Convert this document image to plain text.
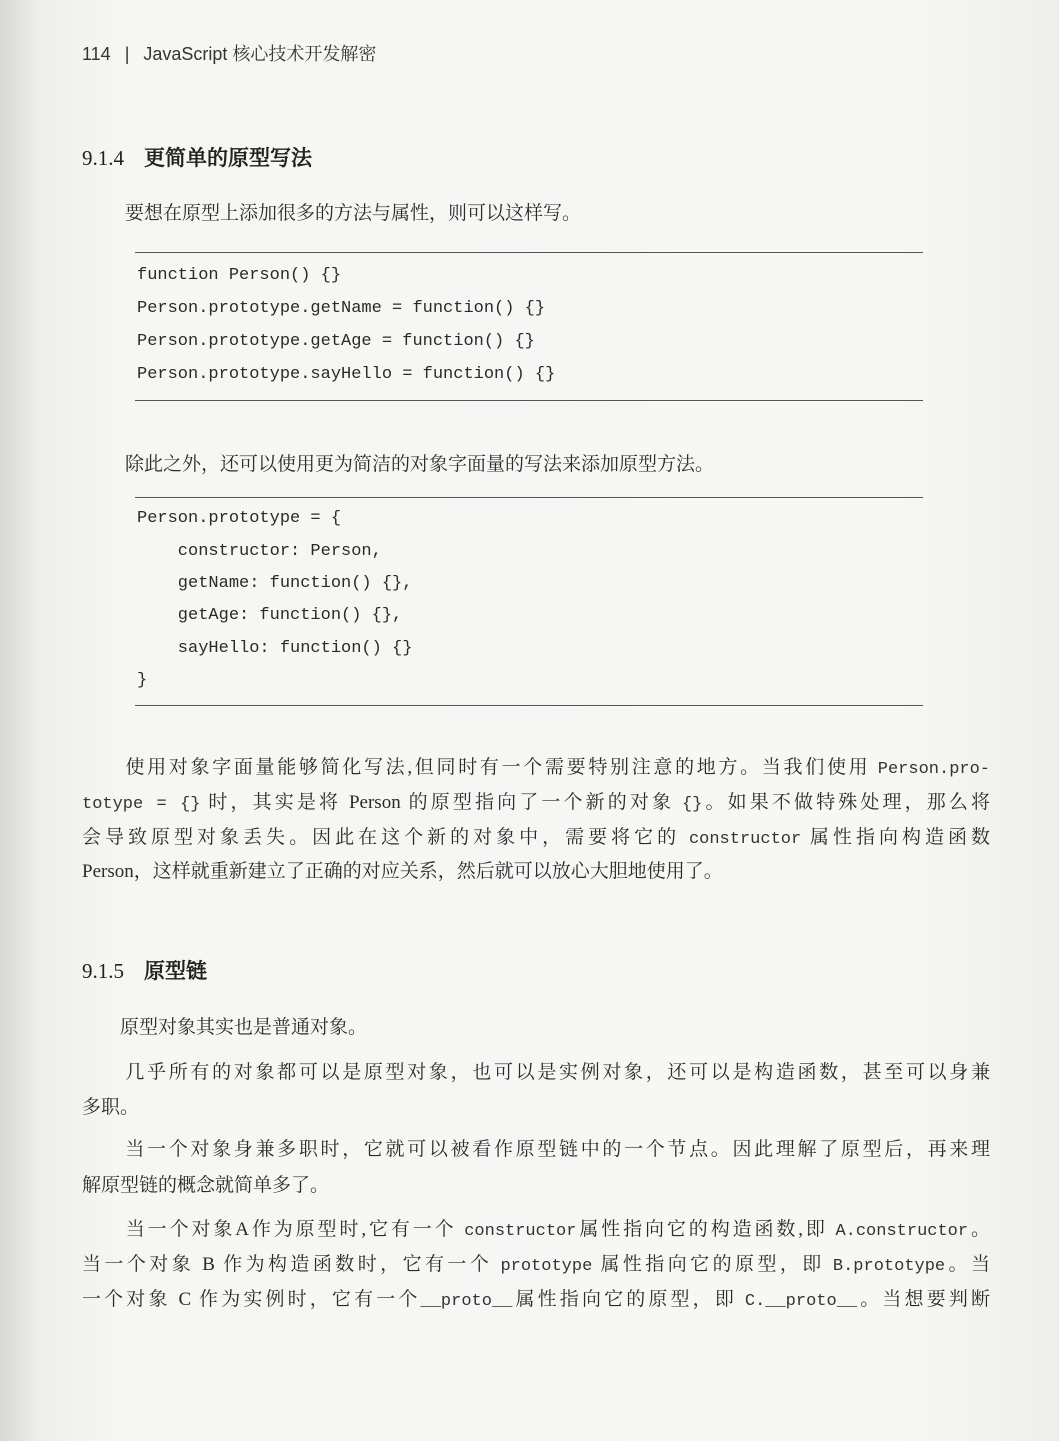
114 | JavaScript 核心技术开发解密
9.1.4 更简单的原型写法
要想在原型上添加很多的方法与属性，则可以这样写。
function Person() {}
Person.prototype.getName = function() {}
Person.prototype.getAge = function() {}
Person.prototype.sayHello = function() {}
除此之外，还可以使用更为简洁的对象字面量的写法来添加原型方法。
Person.prototype = {
constructor: Person,
getName: function() {},
getAge: function() {},
sayHello: function() {}
}
　　使用对象字面量能够简化写法,但同时有一个需要特别注意的地方。当我们使用 Person.pro-
totype = {} 时，其实是将 Person 的原型指向了一个新的对象 {}。如果不做特殊处理，那么将
会导致原型对象丢失。因此在这个新的对象中，需要将它的 constructor 属性指向构造函数
Person，这样就重新建立了正确的对应关系，然后就可以放心大胆地使用了。
9.1.5 原型链
　　原型对象其实也是普通对象。
　　几乎所有的对象都可以是原型对象，也可以是实例对象，还可以是构造函数，甚至可以身兼
多职。
　　当一个对象身兼多职时，它就可以被看作原型链中的一个节点。因此理解了原型后，再来理
解原型链的概念就简单多了。
　　当一个对象A作为原型时,它有一个 constructor属性指向它的构造函数,即 A.constructor。
当一个对象 B 作为构造函数时，它有一个 prototype 属性指向它的原型，即 B.prototype。当
一个对象 C 作为实例时，它有一个__proto__属性指向它的原型，即 C.__proto__。当想要判断
